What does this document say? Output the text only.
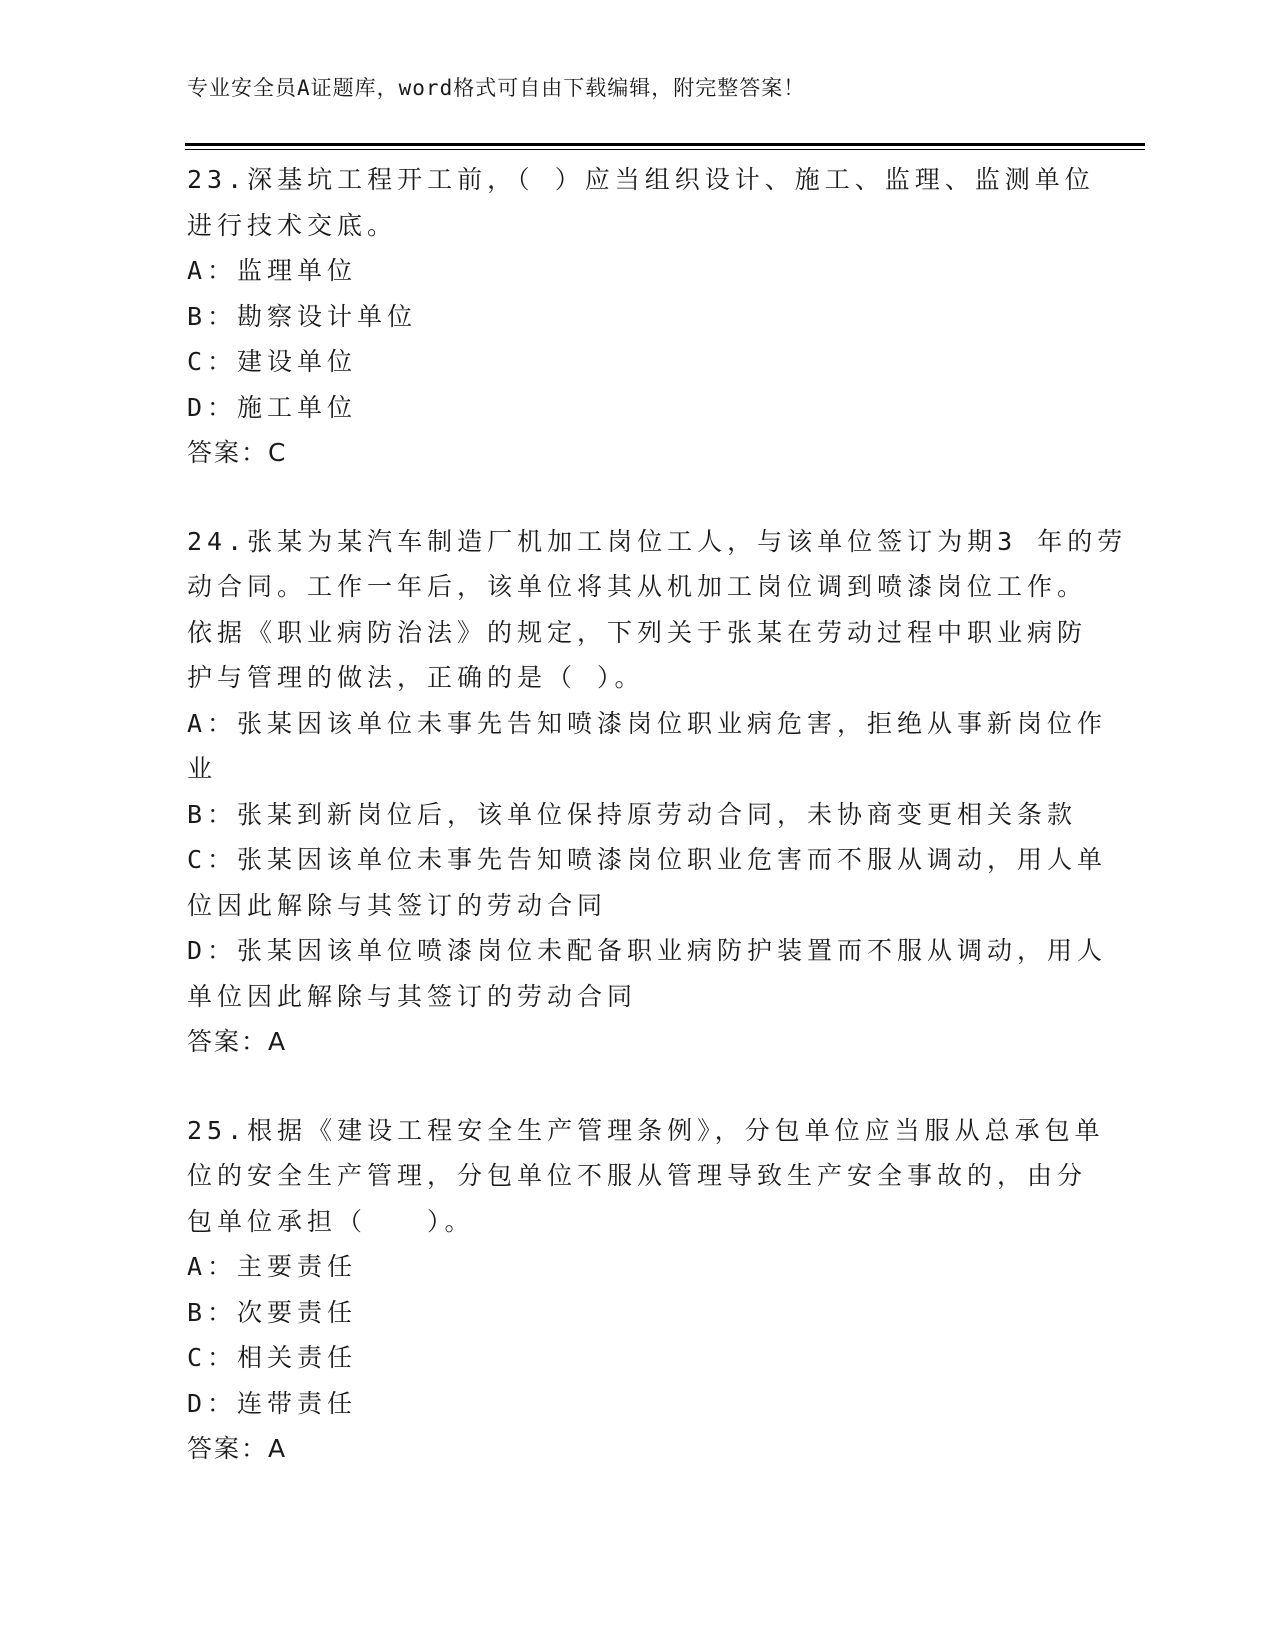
专业安全员A证题库，word格式可自由下载编辑，附完整答案！
23.深基坑工程开工前，（ ）应当组织设计、施工、监理、监测单位
进行技术交底。
A：监理单位
B：勘察设计单位
C：建设单位
D：施工单位
答案：C
24.张某为某汽车制造厂机加工岗位工人，与该单位签订为期3 年的劳
动合同。工作一年后，该单位将其从机加工岗位调到喷漆岗位工作。
依据《职业病防治法》的规定，下列关于张某在劳动过程中职业病防
护与管理的做法，正确的是（ ）。
A：张某因该单位未事先告知喷漆岗位职业病危害，拒绝从事新岗位作
业
B：张某到新岗位后，该单位保持原劳动合同，未协商变更相关条款
C：张某因该单位未事先告知喷漆岗位职业危害而不服从调动，用人单
位因此解除与其签订的劳动合同
D：张某因该单位喷漆岗位未配备职业病防护装置而不服从调动，用人
单位因此解除与其签订的劳动合同
答案：A
25.根据《建设工程安全生产管理条例》，分包单位应当服从总承包单
位的安全生产管理，分包单位不服从管理导致生产安全事故的，由分
包单位承担（　　）。
A：主要责任
B：次要责任
C：相关责任
D：连带责任
答案：A
